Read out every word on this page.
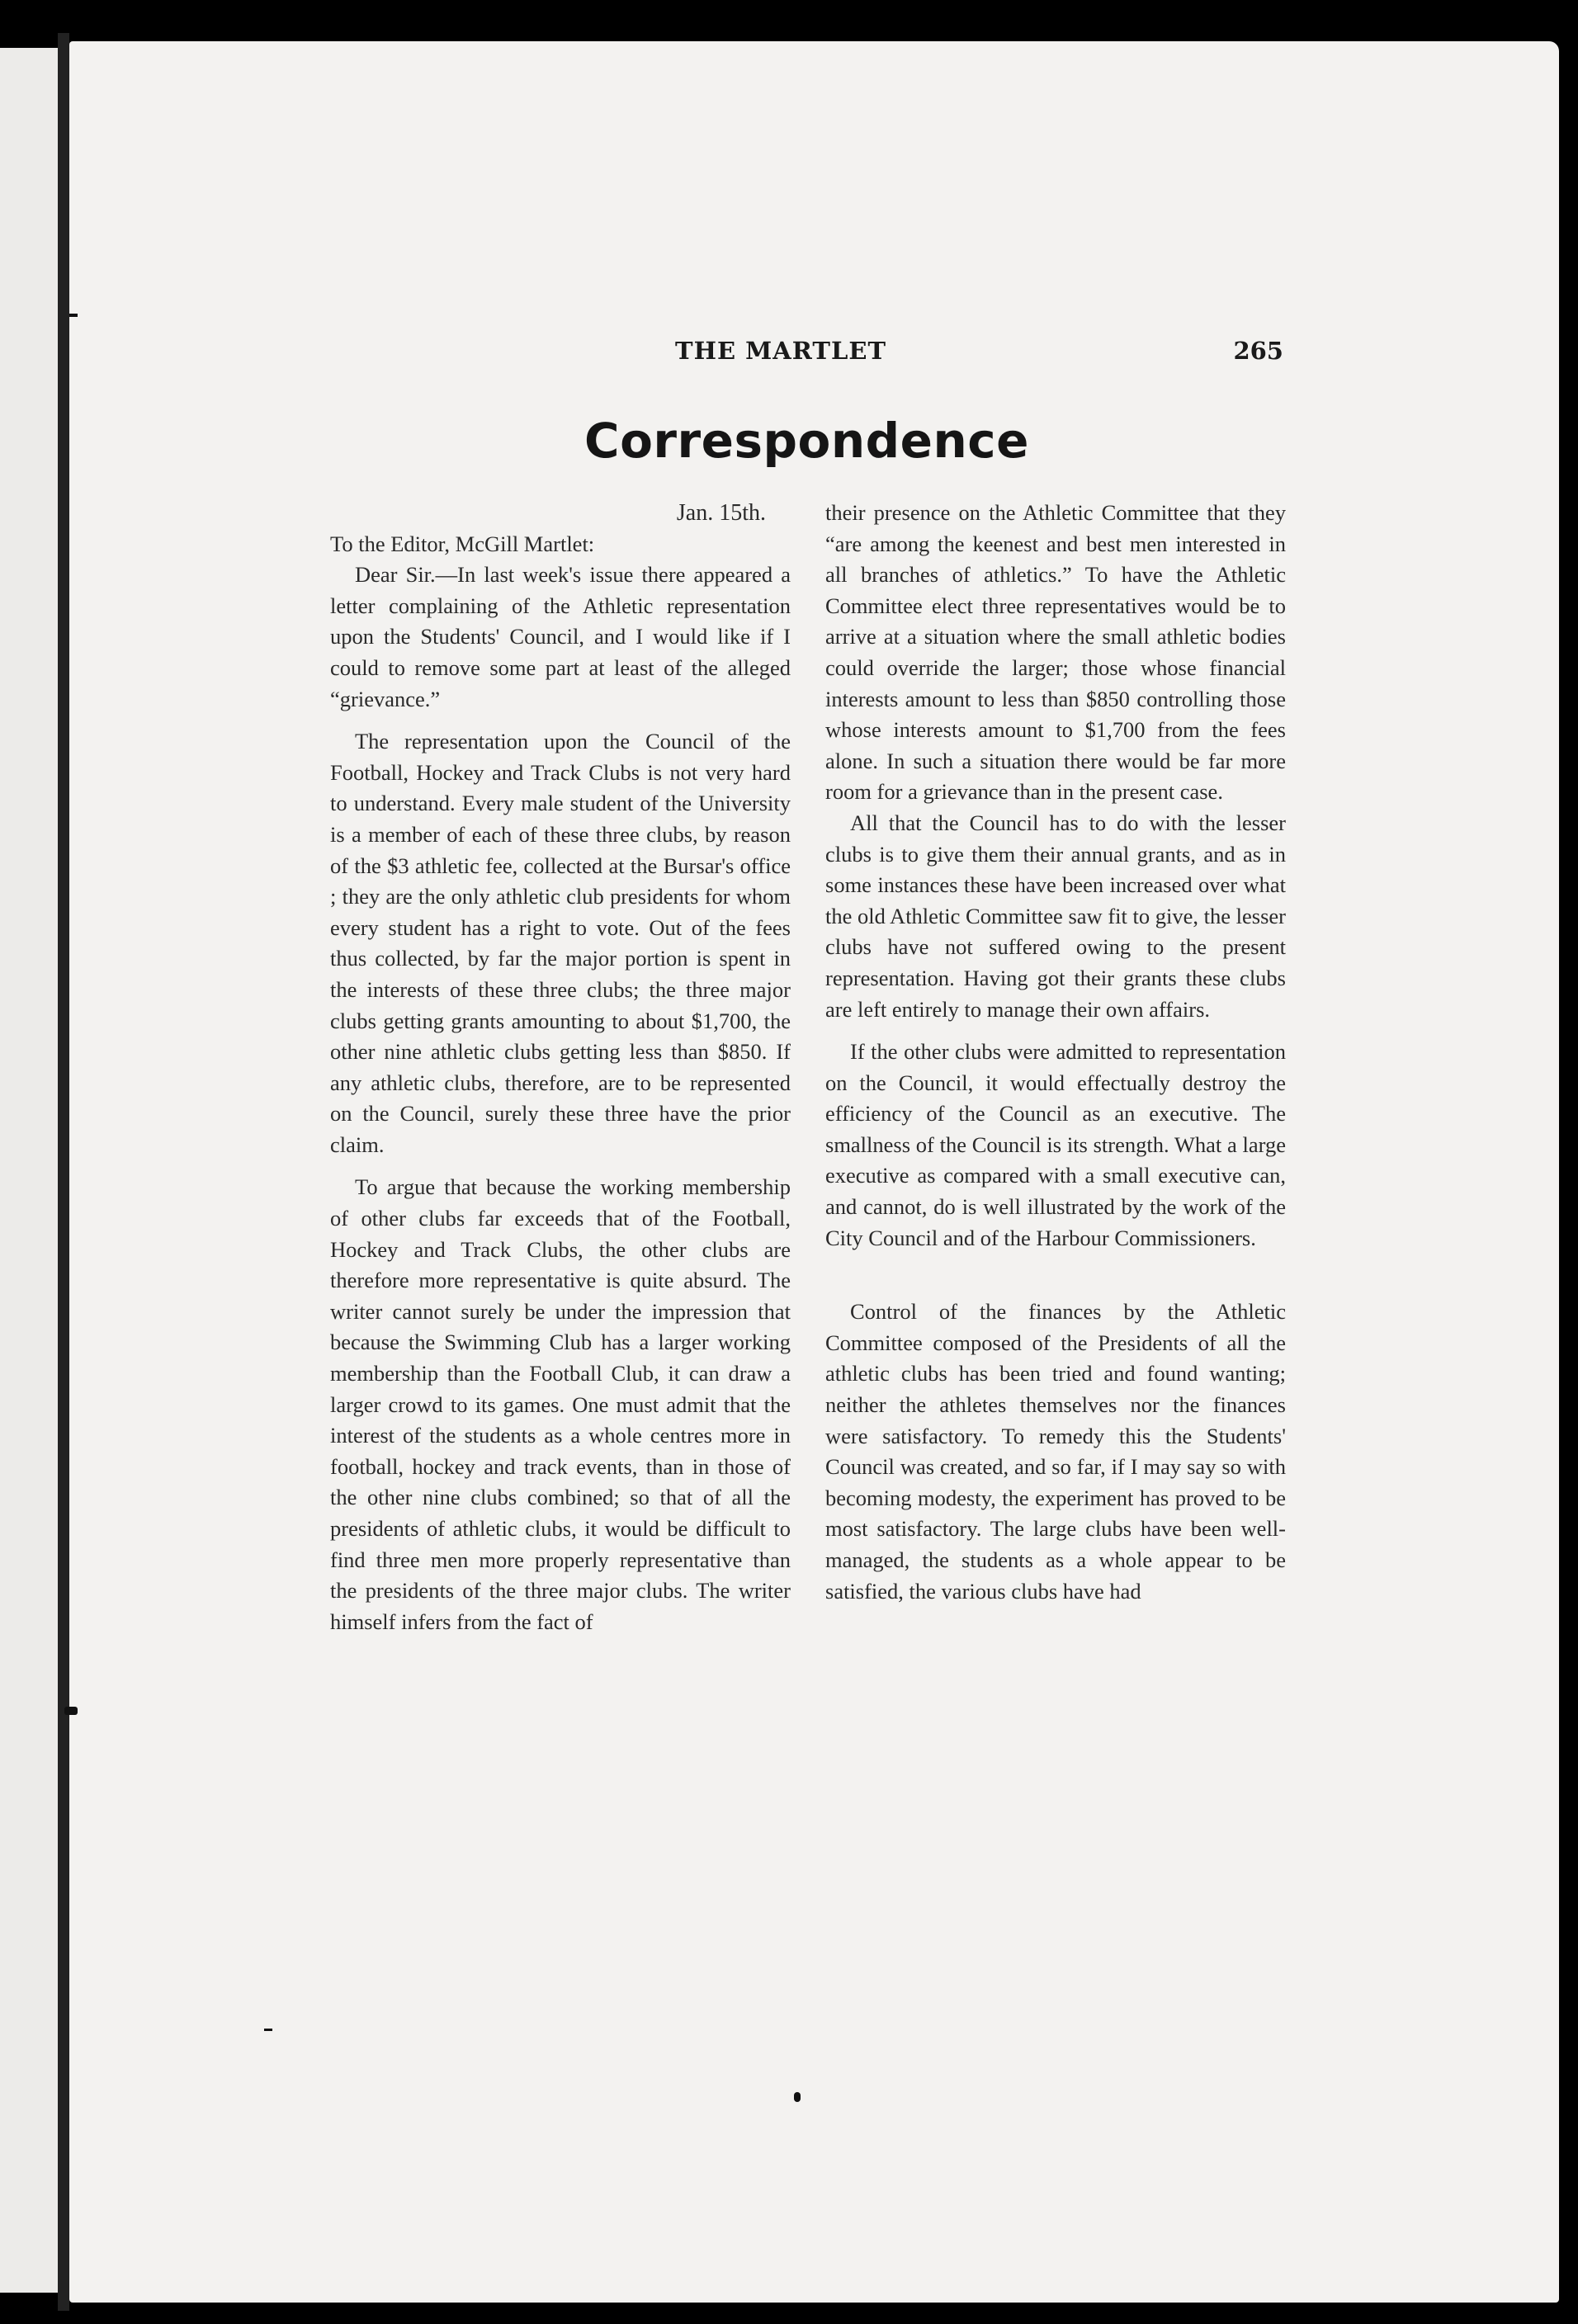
THE MARTLET	265
Correspondence

Jan. 15th.

To the Editor, McGill Martlet:

Dear Sir.—In last week's issue there appeared a letter complaining of the Athletic representation upon the Students' Council, and I would like if I could to remove some part at least of the alleged “grievance.”

The representation upon the Council of the Football, Hockey and Track Clubs is not very hard to understand. Every male student of the University is a member of each of these three clubs, by reason of the $3 athletic fee, collected at the Bursar's office ; they are the only athletic club presidents for whom every student has a right to vote. Out of the fees thus collected, by far the major portion is spent in the interests of these three clubs; the three major clubs getting grants amounting to about $1,700, the other nine athletic clubs getting less than $850. If any athletic clubs, therefore, are to be represented on the Council, surely these three have the prior claim.

To argue that because the working membership of other clubs far exceeds that of the Football, Hockey and Track Clubs, the other clubs are therefore more representative is quite absurd. The writer cannot surely be under the impression that because the Swimming Club has a larger working membership than the Football Club, it can draw a larger crowd to its games. One must admit that the interest of the students as a whole centres more in football, hockey and track events, than in those of the other nine clubs combined; so that of all the presidents of athletic clubs, it would be difficult to find three men more properly representative than the presidents of the three major clubs. The writer himself infers from the fact of

their presence on the Athletic Committee that they “are among the keenest and best men interested in all branches of athletics.” To have the Athletic Committee elect three representatives would be to arrive at a situation where the small athletic bodies could override the larger; those whose financial interests amount to less than $850 controlling those whose interests amount to $1,700 from the fees alone. In such a situation there would be far more room for a grievance than in the present case.

All that the Council has to do with the lesser clubs is to give them their annual grants, and as in some instances these have been increased over what the old Athletic Committee saw fit to give, the lesser clubs have not suffered owing to the present representation. Having got their grants these clubs are left entirely to manage their own affairs.

If the other clubs were admitted to representation on the Council, it would effectually destroy the efficiency of the Council as an executive. The smallness of the Council is its strength. What a large executive as compared with a small executive can, and cannot, do is well illustrated by the work of the City Council and of the Harbour Commissioners.

Control of the finances by the Athletic Committee composed of the Presidents of all the athletic clubs has been tried and found wanting; neither the athletes themselves nor the finances were satisfactory. To remedy this the Students' Council was created, and so far, if I may say so with becoming modesty, the experiment has proved to be most satisfactory. The large clubs have been well-managed, the students as a whole appear to be satisfied, the various clubs have had
